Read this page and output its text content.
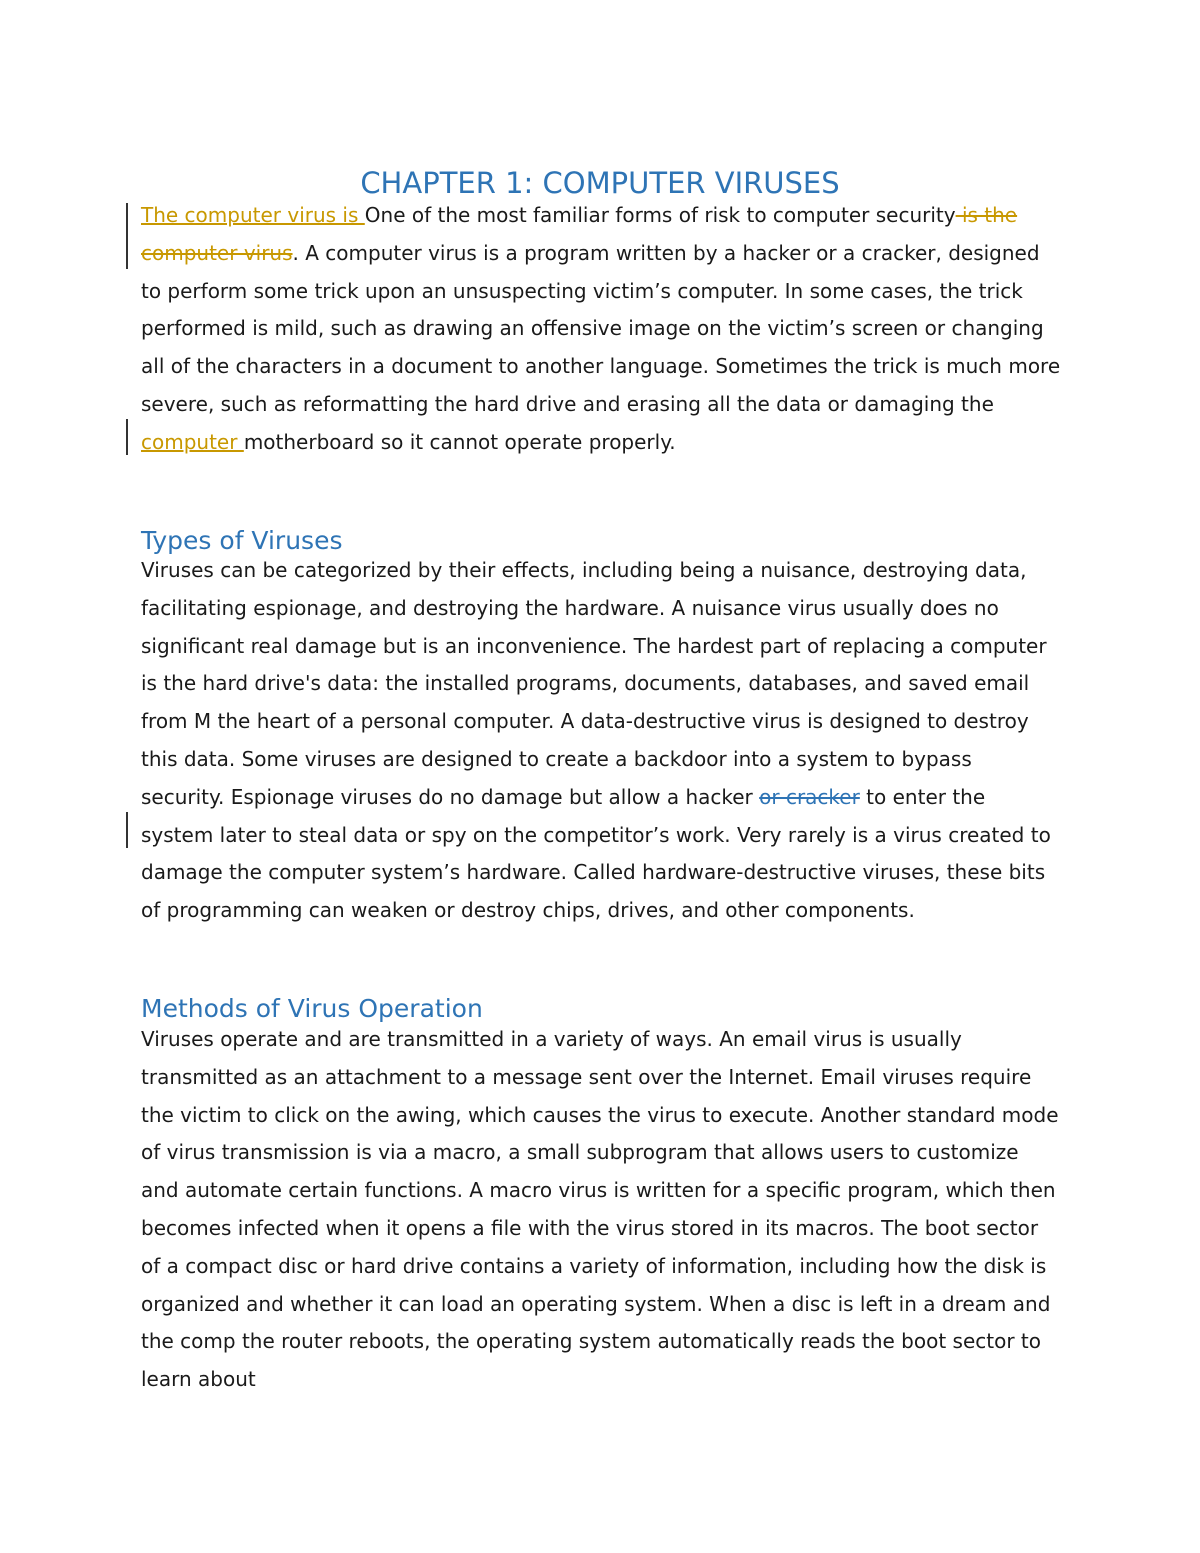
CHAPTER 1: COMPUTER VIRUSES

The computer virus is One of the most familiar forms of risk to computer security is the computer virus. A computer virus is a program written by a hacker or a cracker, designed to perform some trick upon an unsuspecting victim’s computer. In some cases, the trick performed is mild, such as drawing an offensive image on the victim’s screen or changing all of the characters in a document to another language. Sometimes the trick is much more severe, such as reformatting the hard drive and erasing all the data or damaging the computer motherboard so it cannot operate properly.

Types of Viruses

Viruses can be categorized by their effects, including being a nuisance, destroying data, facilitating espionage, and destroying the hardware. A nuisance virus usually does no significant real damage but is an inconvenience. The hardest part of replacing a computer is the hard drive's data: the installed programs, documents, databases, and saved email from M the heart of a personal computer. A data-destructive virus is designed to destroy this data. Some viruses are designed to create a backdoor into a system to bypass security. Espionage viruses do no damage but allow a hacker or cracker to enter the system later to steal data or spy on the competitor’s work. Very rarely is a virus created to damage the computer system’s hardware. Called hardware-destructive viruses, these bits of programming can weaken or destroy chips, drives, and other components.

Methods of Virus Operation

Viruses operate and are transmitted in a variety of ways. An email virus is usually transmitted as an attachment to a message sent over the Internet. Email viruses require the victim to click on the awing, which causes the virus to execute. Another standard mode of virus transmission is via a macro, a small subprogram that allows users to customize and automate certain functions. A macro virus is written for a specific program, which then becomes infected when it opens a file with the virus stored in its macros. The boot sector of a compact disc or hard drive contains a variety of information, including how the disk is organized and whether it can load an operating system. When a disc is left in a dream and the comp the router reboots, the operating system automatically reads the boot sector to learn about
